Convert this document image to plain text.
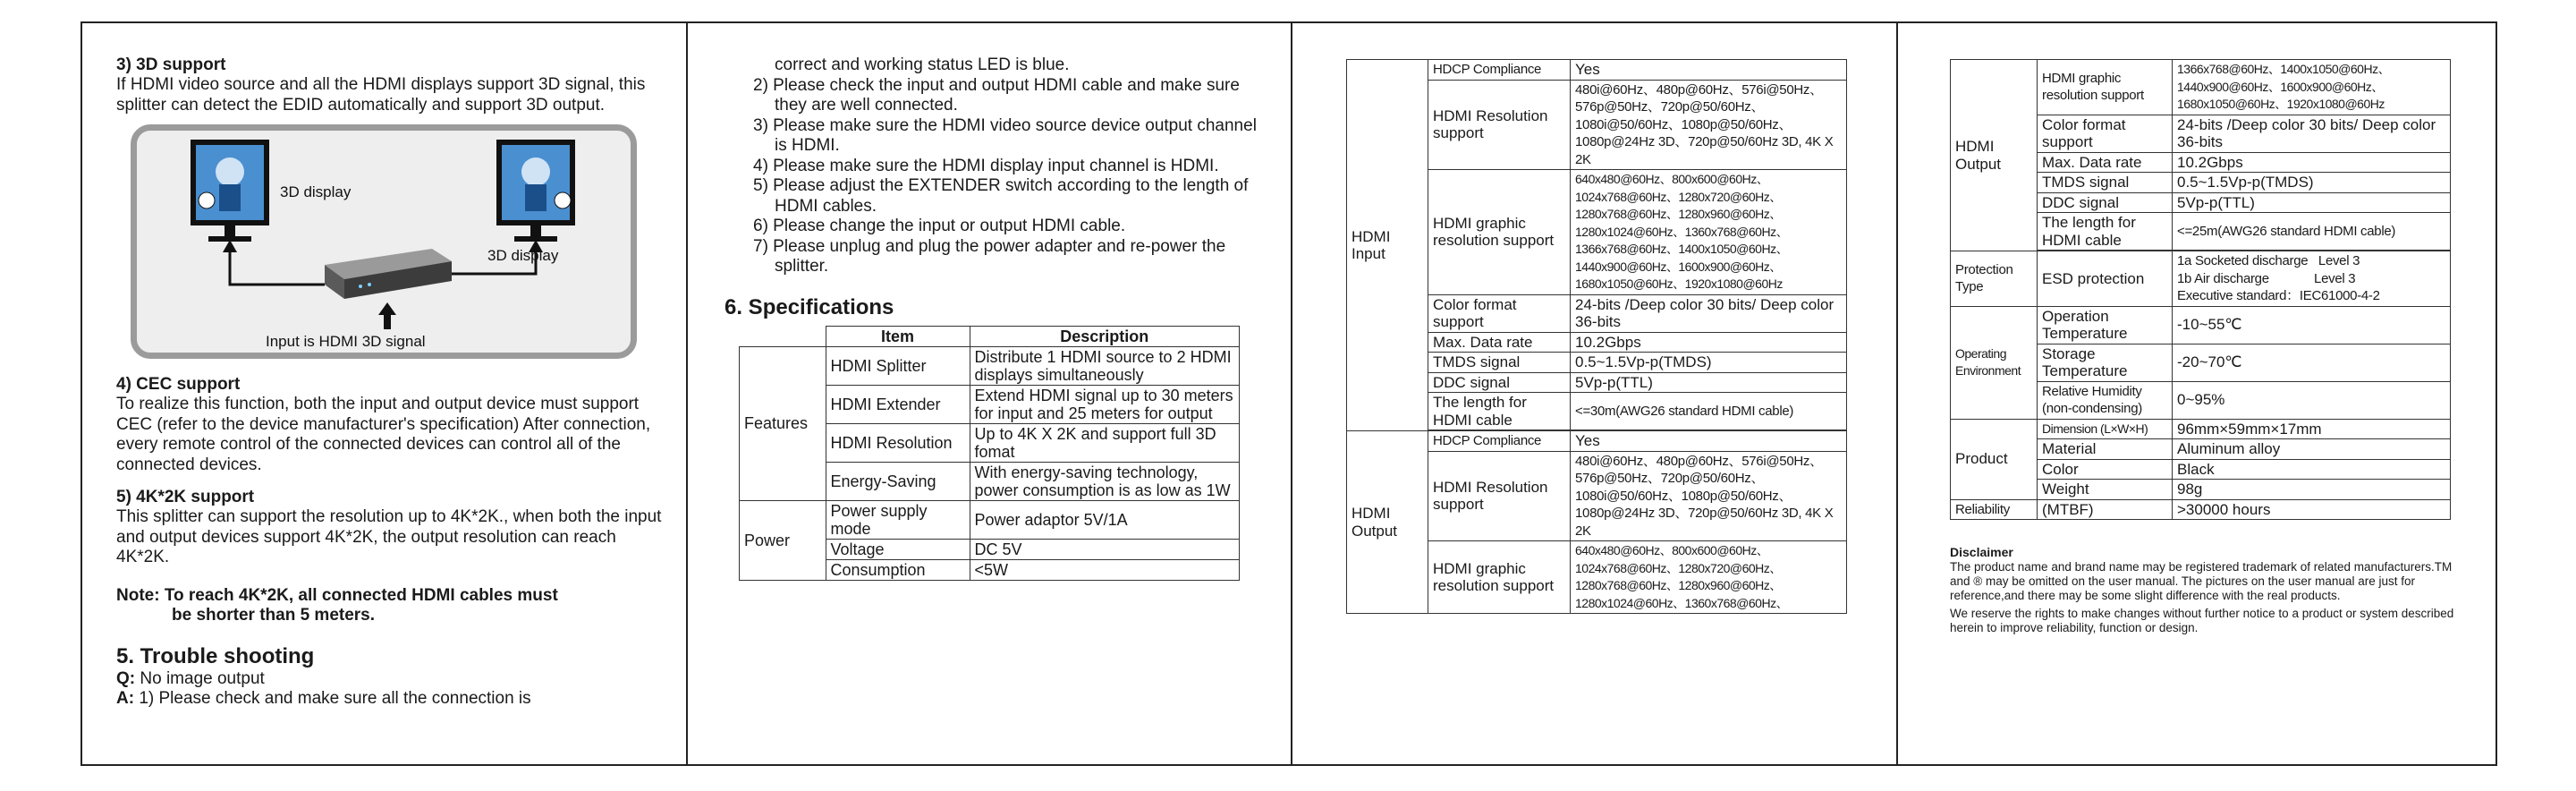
3) 3D support

If HDMI video source and all the HDMI displays support 3D signal, this splitter can detect the EDID automatically and support 3D output.

3D display
3D display
Input is HDMI 3D signal

4) CEC support

To realize this function, both the input and output device must support CEC (refer to the device manufacturer's specification) After connection, every remote control of the connected devices can control all of the connected devices.

5) 4K*2K support

This splitter can support the resolution up to 4K*2K., when both the input and output devices support 4K*2K, the output resolution can reach 4K*2K.

Note: To reach 4K*2K, all connected HDMI cables must
be shorter than 5 meters.

5. Trouble shooting

Q: No image output

A: 1) Please check and make sure all the connection is

correct and working status LED is blue.

2) Please check the input and output HDMI cable and make sure they are well connected.
3) Please make sure the HDMI video source device output channel is HDMI.
4) Please make sure the HDMI display input channel is HDMI.
5) Please adjust the EXTENDER switch according to the length of HDMI cables.
6) Please change the input or output HDMI cable.
7) Please unplug and plug the power adapter and re-power the splitter.

6. Specifications

	Item	Description
Features	HDMI Splitter	Distribute 1 HDMI source to 2 HDMI displays simultaneously
	HDMI Extender	Extend HDMI signal up to 30 meters for input and 25 meters for output
	HDMI Resolution	Up to 4K X 2K and support full 3D fomat
	Energy-Saving	With energy-saving technology, power consumption is as low as 1W
Power	Power supply mode	Power adaptor 5V/1A
	Voltage	DC 5V
	Consumption	<5W
HDMI Input	HDCP Compliance	Yes
	HDMI Resolution support	480i@60Hz、480p@60Hz、576i@50Hz、576p@50Hz、720p@50/60Hz、1080i@50/60Hz、1080p@50/60Hz、1080p@24Hz 3D、720p@50/60Hz 3D, 4K X 2K
	HDMI graphic resolution support	640x480@60Hz、800x600@60Hz、1024x768@60Hz、1280x720@60Hz、1280x768@60Hz、1280x960@60Hz、1280x1024@60Hz、1360x768@60Hz、1366x768@60Hz、1400x1050@60Hz、1440x900@60Hz、1600x900@60Hz、1680x1050@60Hz、1920x1080@60Hz
	Color format support	24-bits /Deep color 30 bits/ Deep color 36-bits
	Max. Data rate	10.2Gbps
	TMDS signal	0.5~1.5Vp-p(TMDS)
	DDC signal	5Vp-p(TTL)
	The length for HDMI cable	<=30m(AWG26 standard HDMI cable)

HDMI Output	HDCP Compliance	Yes
	HDMI Resolution support	480i@60Hz、480p@60Hz、576i@50Hz、576p@50Hz、720p@50/60Hz、1080i@50/60Hz、1080p@50/60Hz、1080p@24Hz 3D、720p@50/60Hz 3D, 4K X 2K
	HDMI graphic resolution support	640x480@60Hz、800x600@60Hz、1024x768@60Hz、1280x720@60Hz、1280x768@60Hz、1280x960@60Hz、1280x1024@60Hz、1360x768@60Hz、
HDMI Output	HDMI graphic resolution support	1366x768@60Hz、1400x1050@60Hz、1440x900@60Hz、1600x900@60Hz、1680x1050@60Hz、1920x1080@60Hz
	Color format support	24-bits /Deep color 30 bits/ Deep color 36-bits
	Max. Data rate	10.2Gbps
	TMDS signal	0.5~1.5Vp-p(TMDS)
	DDC signal	5Vp-p(TTL)
	The length for HDMI cable	<=25m(AWG26 standard HDMI cable)

Protection Type	ESD protection	1a Socketed discharge   Level 3
1b Air discharge             Level 3
Executive standard：IEC61000-4-2

Operating Environment	Operation Temperature	-10~55℃
	Storage Temperature	-20~70℃
	Relative Humidity (non-condensing)	0~95%
Product	Dimension (L×W×H)	96mm×59mm×17mm
	Material	Aluminum alloy
	Color	Black
	Weight	98g
Reliability	(MTBF)	>30000 hours
Disclaimer

The product name and brand name may be registered trademark of related manufacturers.TM and ® may be omitted on the user manual. The pictures on the user manual are just for reference,and there may be some slight difference with the real products.

We reserve the rights to make changes without further notice to a product or system described herein to improve reliability, function or design.
